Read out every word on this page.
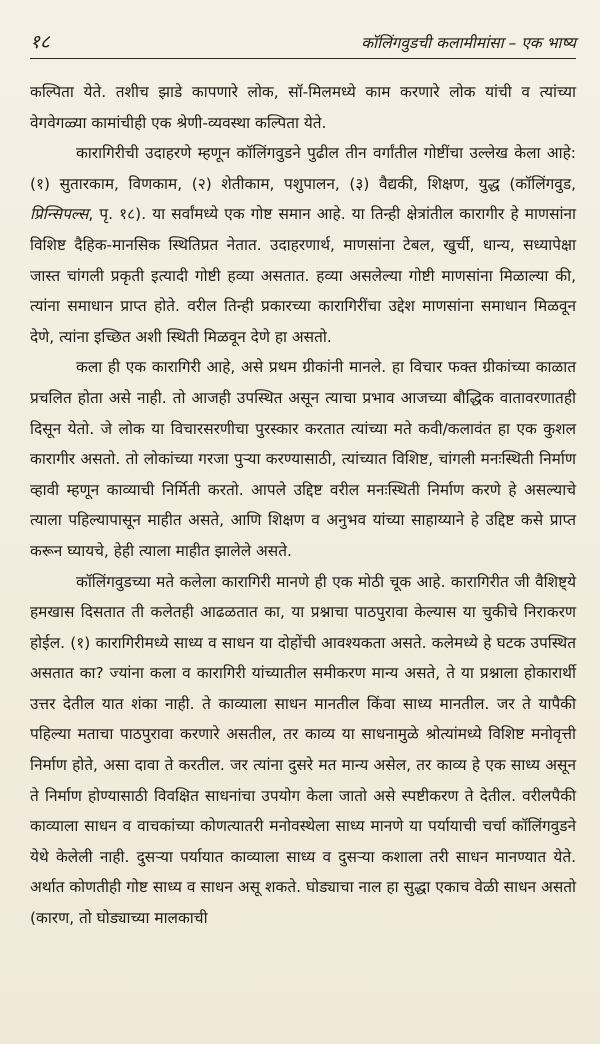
१८	कॉलिंगवुडची कलामीमांसा – एक भाष्य

कल्पिता येते. तशीच झाडे कापणारे लोक, सॉ-मिलमध्ये काम करणारे लोक यांची व त्यांच्या वेगवेगळ्या कामांचीही एक श्रेणी-व्यवस्था कल्पिता येते.

कारागिरीची उदाहरणे म्हणून कॉलिंगवुडने पुढील तीन वर्गांतील गोष्टींचा उल्लेख केला आहे: (१) सुतारकाम, विणकाम, (२) शेतीकाम, पशुपालन, (३) वैद्यकी, शिक्षण, युद्ध (कॉलिंगवुड, प्रिन्सिपल्स, पृ. १८). या सर्वांमध्ये एक गोष्ट समान आहे. या तिन्ही क्षेत्रांतील कारागीर हे माणसांना विशिष्ट दैहिक-मानसिक स्थितिप्रत नेतात. उदाहरणार्थ, माणसांना टेबल, खुर्ची, धान्य, सध्यापेक्षा जास्त चांगली प्रकृती इत्यादी गोष्टी हव्या असतात. हव्या असलेल्या गोष्टी माणसांना मिळाल्या की, त्यांना समाधान प्राप्त होते. वरील तिन्ही प्रकारच्या कारागिरींचा उद्देश माणसांना समाधान मिळवून देणे, त्यांना इच्छित अशी स्थिती मिळवून देणे हा असतो.

कला ही एक कारागिरी आहे, असे प्रथम ग्रीकांनी मानले. हा विचार फक्त ग्रीकांच्या काळात प्रचलित होता असे नाही. तो आजही उपस्थित असून त्याचा प्रभाव आजच्या बौद्धिक वातावरणातही दिसून येतो. जे लोक या विचारसरणीचा पुरस्कार करतात त्यांच्या मते कवी/कलावंत हा एक कुशल कारागीर असतो. तो लोकांच्या गरजा पुऱ्या करण्यासाठी, त्यांच्यात विशिष्ट, चांगली मनःस्थिती निर्माण व्हावी म्हणून काव्याची निर्मिती करतो. आपले उद्दिष्ट वरील मनःस्थिती निर्माण करणे हे असल्याचे त्याला पहिल्यापासून माहीत असते, आणि शिक्षण व अनुभव यांच्या साहाय्याने हे उद्दिष्ट कसे प्राप्त करून घ्यायचे, हेही त्याला माहीत झालेले असते.

कॉलिंगवुडच्या मते कलेला कारागिरी मानणे ही एक मोठी चूक आहे. कारागिरीत जी वैशिष्ट्ये हमखास दिसतात ती कलेतही आढळतात का, या प्रश्नाचा पाठपुरावा केल्यास या चुकीचे निराकरण होईल. (१) कारागिरीमध्ये साध्य व साधन या दोहोंची आवश्यकता असते. कलेमध्ये हे घटक उपस्थित असतात का? ज्यांना कला व कारागिरी यांच्यातील समीकरण मान्य असते, ते या प्रश्नाला होकारार्थी उत्तर देतील यात शंका नाही. ते काव्याला साधन मानतील किंवा साध्य मानतील. जर ते यापैकी पहिल्या मताचा पाठपुरावा करणारे असतील, तर काव्य या साधनामुळे श्रोत्यांमध्ये विशिष्ट मनोवृत्ती निर्माण होते, असा दावा ते करतील. जर त्यांना दुसरे मत मान्य असेल, तर काव्य हे एक साध्य असून ते निर्माण होण्यासाठी विवक्षित साधनांचा उपयोग केला जातो असे स्पष्टीकरण ते देतील. वरीलपैकी काव्याला साधन व वाचकांच्या कोणत्यातरी मनोवस्थेला साध्य मानणे या पर्यायाची चर्चा कॉलिंगवुडने येथे केलेली नाही. दुसऱ्या पर्यायात काव्याला साध्य व दुसऱ्या कशाला तरी साधन मानण्यात येते. अर्थात कोणतीही गोष्ट साध्य व साधन असू शकते. घोड्याचा नाल हा सुद्धा एकाच वेळी साधन असतो (कारण, तो घोड्याच्या मालकाची
